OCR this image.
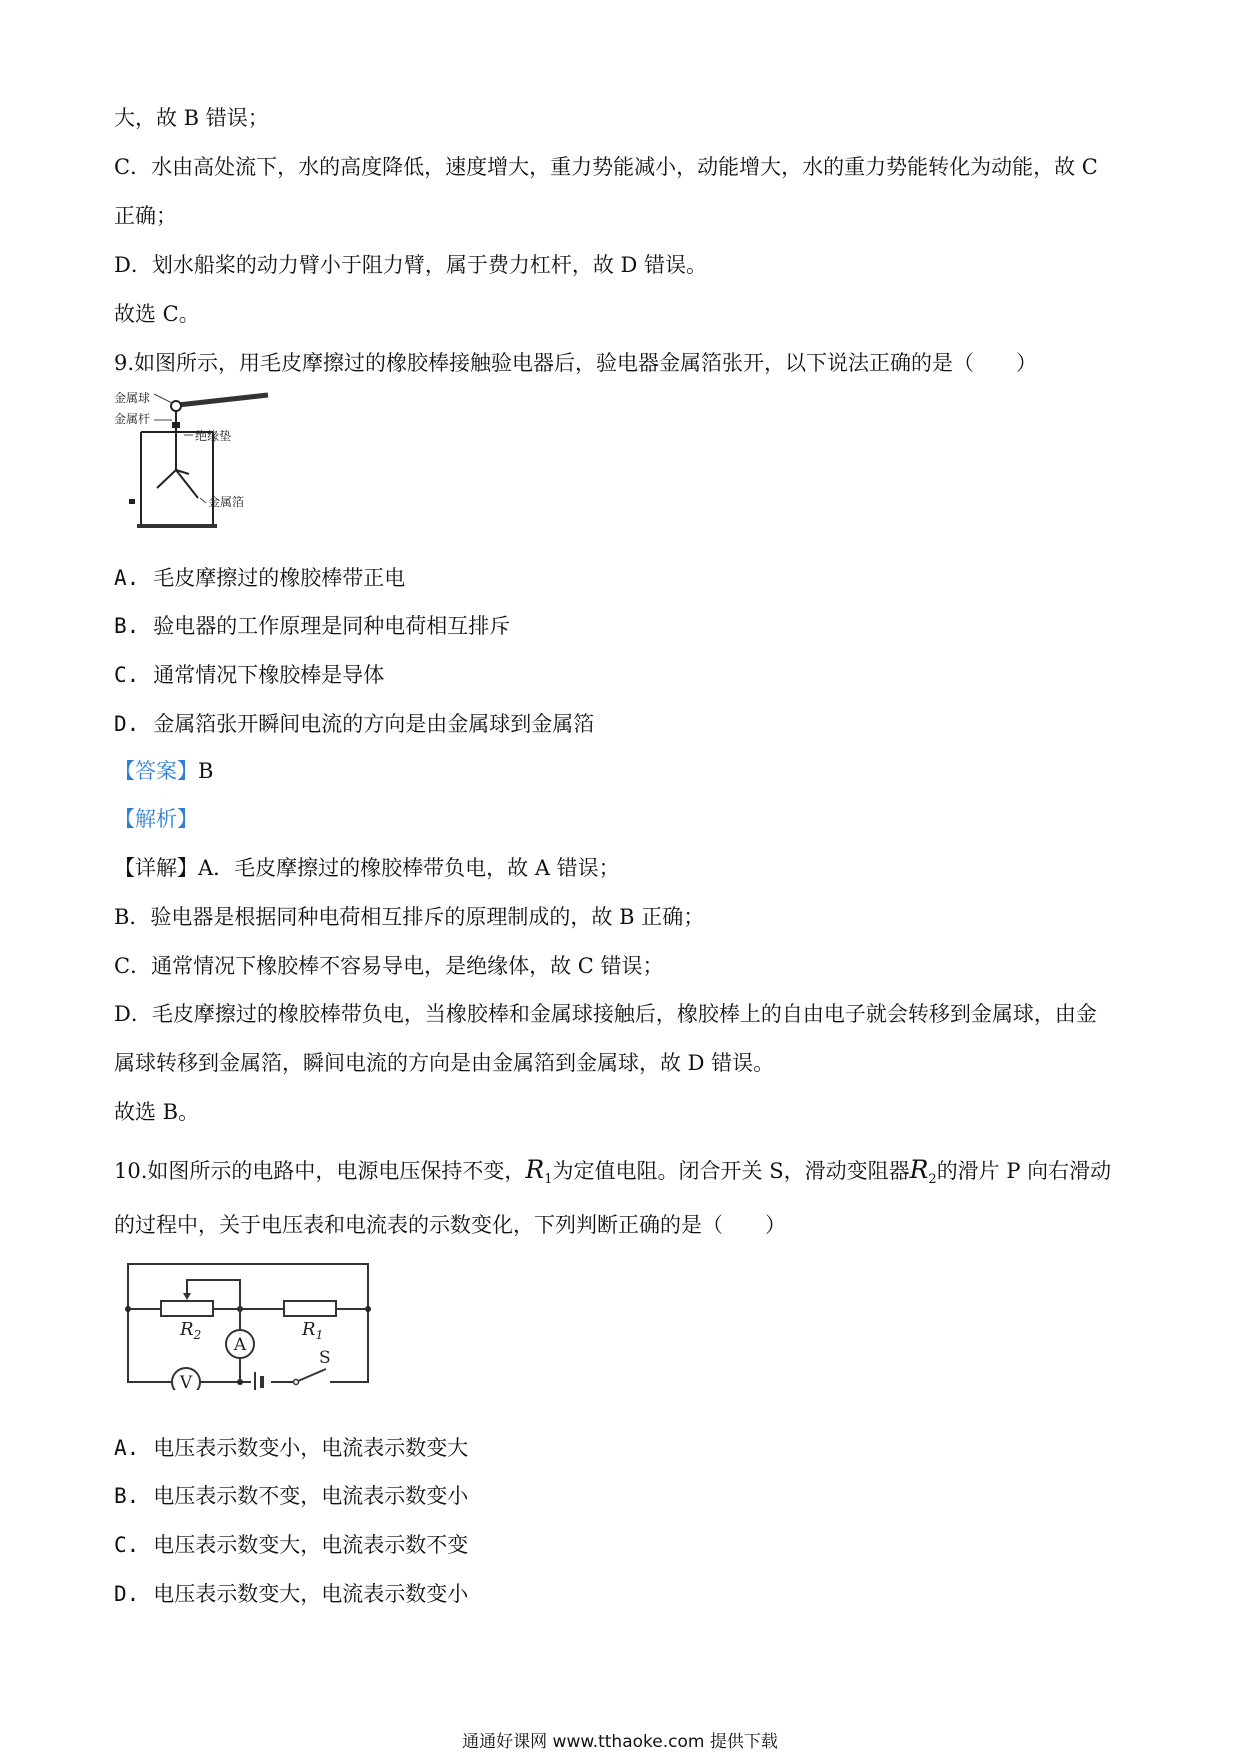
大，故 B 错误；
C．水由高处流下，水的高度降低，速度增大，重力势能减小，动能增大，水的重力势能转化为动能，故 C
正确；
D．划水船桨的动力臂小于阻力臂，属于费力杠杆，故 D 错误。
故选 C。
9.如图所示，用毛皮摩擦过的橡胶棒接触验电器后，验电器金属箔张开，以下说法正确的是（　　）
金属球
金属杆
绝缘垫
金属箔
A. 毛皮摩擦过的橡胶棒带正电
B. 验电器的工作原理是同种电荷相互排斥
C. 通常情况下橡胶棒是导体
D. 金属箔张开瞬间电流的方向是由金属球到金属箔
【答案】B
【解析】
【详解】A．毛皮摩擦过的橡胶棒带负电，故 A 错误；
B．验电器是根据同种电荷相互排斥的原理制成的，故 B 正确；
C．通常情况下橡胶棒不容易导电，是绝缘体，故 C 错误；
D．毛皮摩擦过的橡胶棒带负电，当橡胶棒和金属球接触后，橡胶棒上的自由电子就会转移到金属球，由金
属球转移到金属箔，瞬间电流的方向是由金属箔到金属球，故 D 错误。
故选 B。
10.如图所示的电路中，电源电压保持不变，$R_1$为定值电阻。闭合开关 S，滑动变阻器$R_2$的滑片 P 向右滑动
的过程中，关于电压表和电流表的示数变化，下列判断正确的是（　　）
$R_2$	$R_1$
A
V
S
A. 电压表示数变小，电流表示数变大
B. 电压表示数不变，电流表示数变小
C. 电压表示数变大，电流表示数不变
D. 电压表示数变大，电流表示数变小
通通好课网 www.tthaoke.com 提供下载
